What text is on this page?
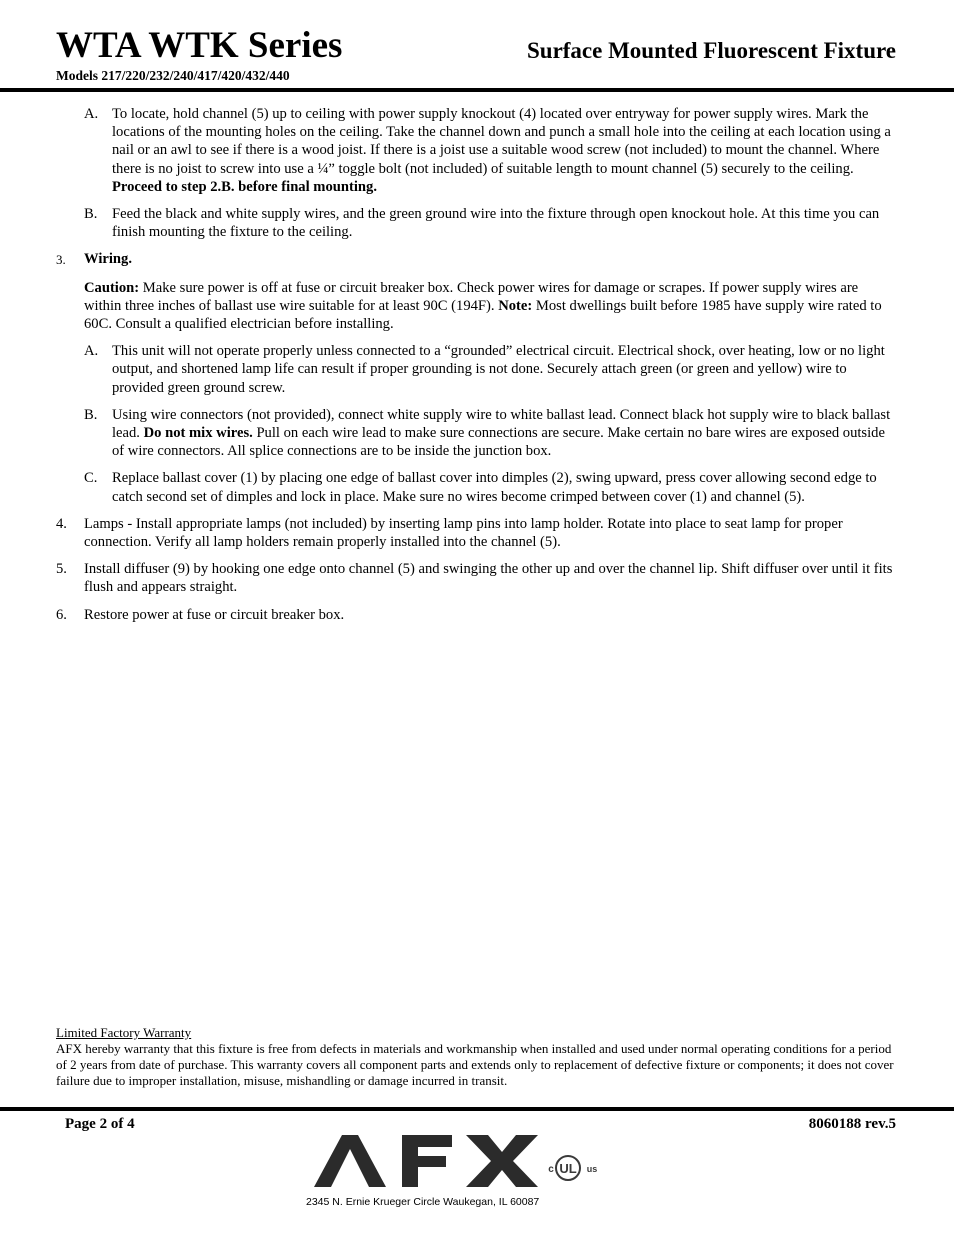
WTA WTK Series	Surface Mounted Fluorescent Fixture
Models 217/220/232/240/417/420/432/440
A. To locate, hold channel (5) up to ceiling with power supply knockout (4) located over entryway for power supply wires. Mark the locations of the mounting holes on the ceiling. Take the channel down and punch a small hole into the ceiling at each location using a nail or an awl to see if there is a wood joist. If there is a joist use a suitable wood screw (not included) to mount the channel. Where there is no joist to screw into use a ¼” toggle bolt (not included) of suitable length to mount channel (5) securely to the ceiling. Proceed to step 2.B. before final mounting.
B.	Feed the black and white supply wires, and the green ground wire into the fixture through open knockout hole. At this time you can finish mounting the fixture to the ceiling.
3.	Wiring.
Caution: Make sure power is off at fuse or circuit breaker box. Check power wires for damage or scrapes. If power supply wires are within three inches of ballast use wire suitable for at least 90C (194F). Note: Most dwellings built before 1985 have supply wire rated to 60C. Consult a qualified electrician before installing.
A. This unit will not operate properly unless connected to a “grounded” electrical circuit. Electrical shock, over heating, low or no light output, and shortened lamp life can result if proper grounding is not done. Securely attach green (or green and yellow) wire to provided green ground screw.
B.	Using wire connectors (not provided), connect white supply wire to white ballast lead. Connect black hot supply wire to black ballast lead. Do not mix wires. Pull on each wire lead to make sure connections are secure. Make certain no bare wires are exposed outside of wire connectors. All splice connections are to be inside the junction box.
C.	Replace ballast cover (1) by placing one edge of ballast cover into dimples (2), swing upward, press cover allowing second edge to catch second set of dimples and lock in place. Make sure no wires become crimped between cover (1) and channel (5).
4.	Lamps - Install appropriate lamps (not included) by inserting lamp pins into lamp holder. Rotate into place to seat lamp for proper connection. Verify all lamp holders remain properly installed into the channel (5).
5.	Install diffuser (9) by hooking one edge onto channel (5) and swinging the other up and over the channel lip. Shift diffuser over until it fits flush and appears straight.
6.	Restore power at fuse or circuit breaker box.
Limited Factory Warranty
AFX hereby warranty that this fixture is free from defects in materials and workmanship when installed and used under normal operating conditions for a period of 2 years from date of purchase. This warranty covers all component parts and extends only to replacement of defective fixture or components; it does not cover failure due to improper installation, misuse, mishandling or damage incurred in transit.
Page 2 of 4	8060188 rev.5
UL
c	us
2345 N. Ernie Krueger Circle Waukegan, IL 60087
